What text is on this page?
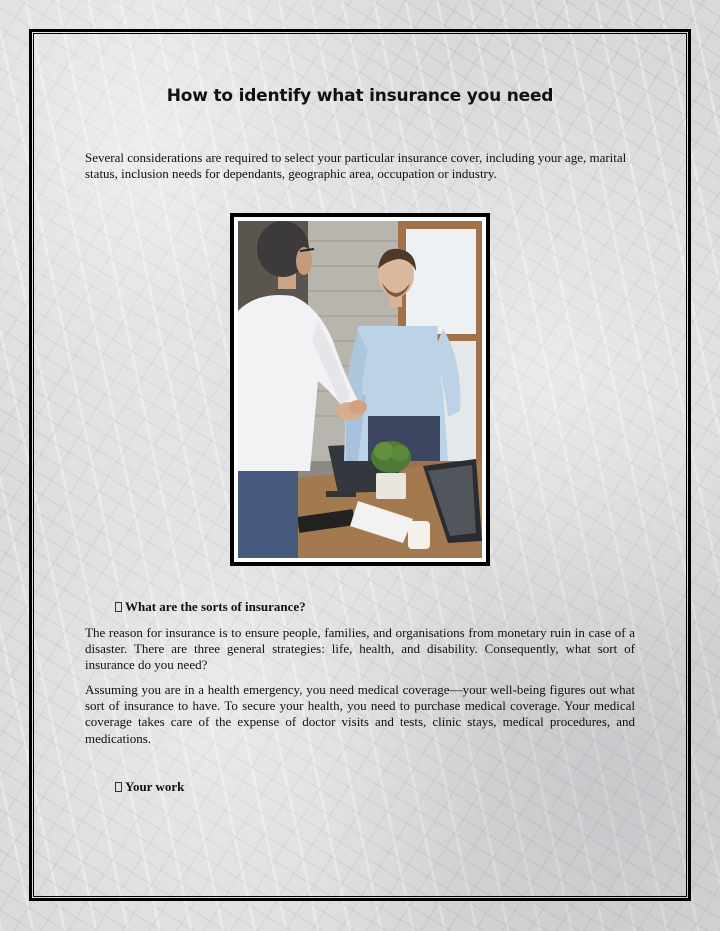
How to identify what insurance you need

Several considerations are required to select your particular insurance cover, including your age, marital status, inclusion needs for dependants, geographic area, occupation or industry.

What are the sorts of insurance?

The reason for insurance is to ensure people, families, and organisations from monetary ruin in case of a disaster. There are three general strategies: life, health, and disability. Consequently, what sort of insurance do you need?

Assuming you are in a health emergency, you need medical coverage—your well-being figures out what sort of insurance to have. To secure your health, you need to purchase medical coverage. Your medical coverage takes care of the expense of doctor visits and tests, clinic stays, medical procedures, and medications.

Your work
